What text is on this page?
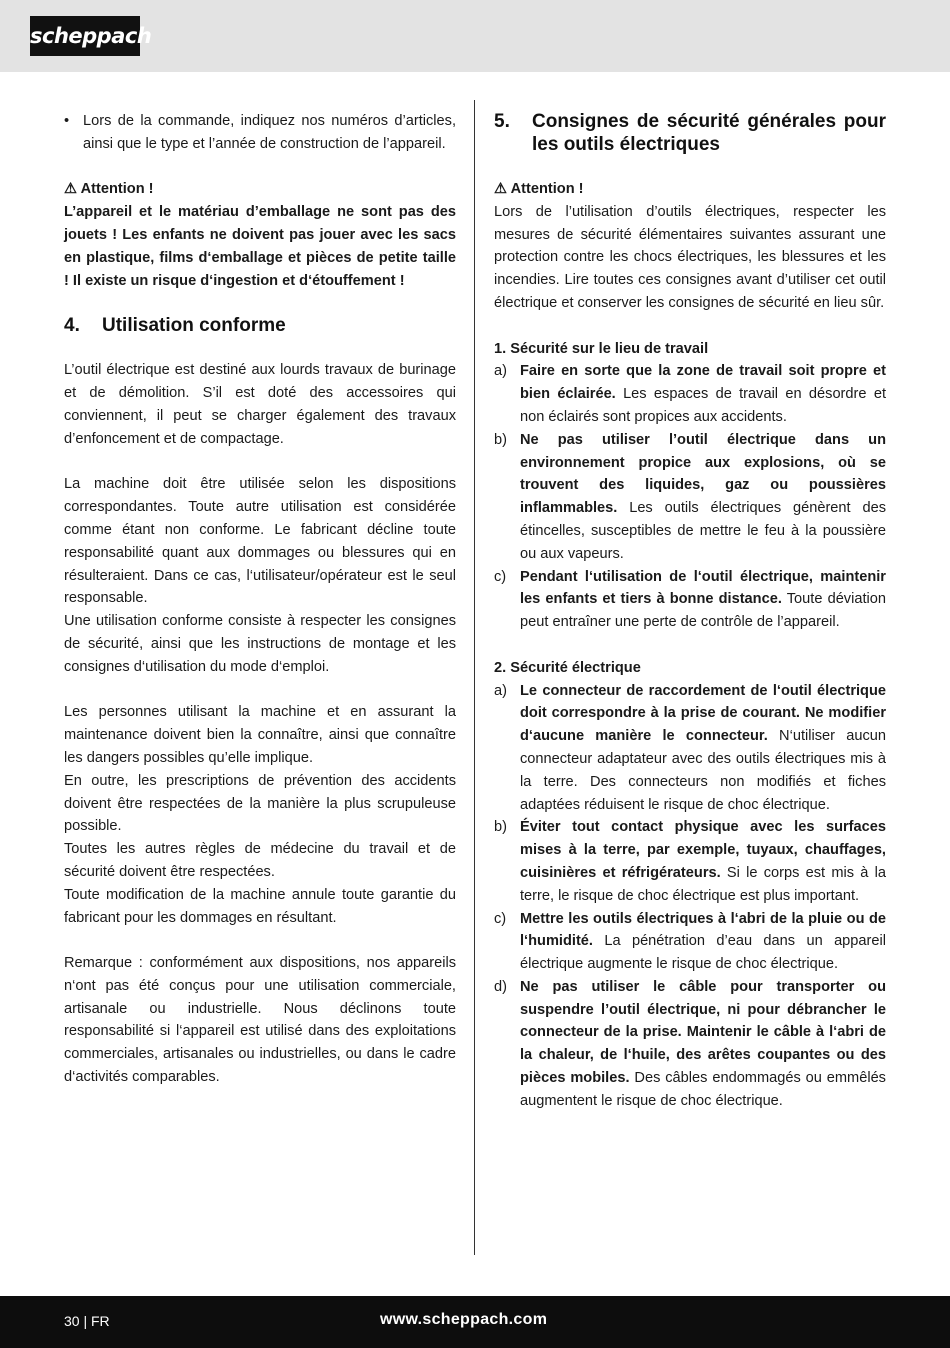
scheppach
• Lors de la commande, indiquez nos numéros d’articles, ainsi que le type et l’année de construction de l’appareil.
⚠ Attention !

L’appareil et le matériau d’emballage ne sont pas des jouets ! Les enfants ne doivent pas jouer avec les sacs en plastique, films d‘emballage et pièces de petite taille ! Il existe un risque d‘ingestion et d‘étouffement !

4.	Utilisation conforme

L’outil électrique est destiné aux lourds travaux de burinage et de démolition. S’il est doté des accessoires qui conviennent, il peut se charger également des travaux d’enfoncement et de compactage.

La machine doit être utilisée selon les dispositions correspondantes. Toute autre utilisation est considérée comme étant non conforme. Le fabricant décline toute responsabilité quant aux dommages ou blessures qui en résulteraient. Dans ce cas, l‘utilisateur/opérateur est le seul responsable.

Une utilisation conforme consiste à respecter les consignes de sécurité, ainsi que les instructions de montage et les consignes d‘utilisation du mode d‘emploi.

Les personnes utilisant la machine et en assurant la maintenance doivent bien la connaître, ainsi que connaître les dangers possibles qu’elle implique.

En outre, les prescriptions de prévention des accidents doivent être respectées de la manière la plus scrupuleuse possible.

Toutes les autres règles de médecine du travail et de sécurité doivent être respectées.

Toute modification de la machine annule toute garantie du fabricant pour les dommages en résultant.

Remarque : conformément aux dispositions, nos appareils n‘ont pas été conçus pour une utilisation commerciale, artisanale ou industrielle. Nous déclinons toute responsabilité si l‘appareil est utilisé dans des exploitations commerciales, artisanales ou industrielles, ou dans le cadre d‘activités comparables.

5.	Consignes de sécurité générales pour les outils électriques
⚠ Attention !

Lors de l’utilisation d’outils électriques, respecter les mesures de sécurité élémentaires suivantes assurant une protection contre les chocs électriques, les blessures et les incendies. Lire toutes ces consignes avant d’utiliser cet outil électrique et conserver les consignes de sécurité en lieu sûr.

1. Sécurité sur le lieu de travail
a) Faire en sorte que la zone de travail soit propre et bien éclairée. Les espaces de travail en désordre et non éclairés sont propices aux accidents.
b) Ne pas utiliser l’outil électrique dans un environnement propice aux explosions, où se trouvent des liquides, gaz ou poussières inflammables. Les outils électriques génèrent des étincelles, susceptibles de mettre le feu à la poussière ou aux vapeurs.
c) Pendant l‘utilisation de l‘outil électrique, maintenir les enfants et tiers à bonne distance. Toute déviation peut entraîner une perte de contrôle de l’appareil.
2. Sécurité électrique
a) Le connecteur de raccordement de l‘outil électrique doit correspondre à la prise de courant. Ne modifier d‘aucune manière le connecteur. N‘utiliser aucun connecteur adaptateur avec des outils électriques mis à la terre. Des connecteurs non modifiés et fiches adaptées réduisent le risque de choc électrique.
b) Éviter tout contact physique avec les surfaces mises à la terre, par exemple, tuyaux, chauffages, cuisinières et réfrigérateurs. Si le corps est mis à la terre, le risque de choc électrique est plus important.
c) Mettre les outils électriques à l‘abri de la pluie ou de l‘humidité. La pénétration d’eau dans un appareil électrique augmente le risque de choc électrique.
d) Ne pas utiliser le câble pour transporter ou suspendre l’outil électrique, ni pour débrancher le connecteur de la prise. Maintenir le câble à l‘abri de la chaleur, de l‘huile, des arêtes coupantes ou des pièces mobiles. Des câbles endommagés ou emmêlés augmentent le risque de choc électrique.
30 | FR	www.scheppach.com
